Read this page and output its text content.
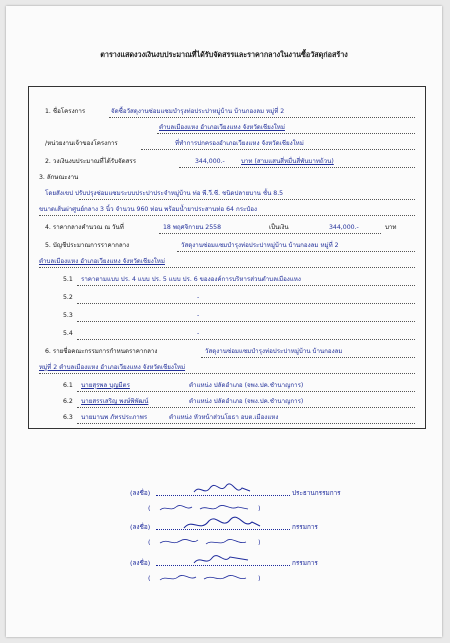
ตารางแสดงวงเงินงบประมาณที่ได้รับจัดสรรและราคากลางในงานซื้อวัสดุก่อสร้าง
1. ชื่อโครงการ	จัดซื้อวัสดุงานซ่อมแซมบำรุงท่อประปาหมู่บ้าน บ้านกองลม หมู่ที่ 2
ตำบลเมืองแหง อำเภอเวียงแหง จังหวัดเชียงใหม่
/หน่วยงานเจ้าของโครงการ	ที่ทำการปกครองอำเภอเวียงแหง จังหวัดเชียงใหม่
2. วงเงินงบประมาณที่ได้รับจัดสรร	344,000.-	บาท (สามแสนสี่หมื่นสี่พันบาทถ้วน)
3. ลักษณะงาน
โดยสังเขป ปรับปรุงซ่อมแซมระบบประปาประจำหมู่บ้าน ท่อ พี.วี.ซี. ชนิดปลายบาน ชั้น 8.5
ขนาดเส้นผ่าศูนย์กลาง 3 นิ้ว จำนวน 960 ท่อน พร้อมน้ำยาประสานท่อ 64 กระป๋อง
4. ราคากลางคำนวณ ณ วันที่	18 พฤศจิกายน 2558	เป็นเงิน	344,000.-	บาท
5. บัญชีประมาณการราคากลาง	วัสดุงานซ่อมแซมบำรุงท่อประปาหมู่บ้าน บ้านกองลม หมู่ที่ 2
ตำบลเมืองแหง อำเภอเวียงแหง จังหวัดเชียงใหม่
5.1 ราคาตามแบบ ปร. 4 แบบ ปร. 5 แบบ ปร. 6 ขององค์การบริหารส่วนตำบลเมืองแหง
5.2	-
5.3	-
5.4	-
6. รายชื่อคณะกรรมการกำหนดราคากลาง	วัสดุงานซ่อมแซมบำรุงท่อประปาหมู่บ้าน บ้านกองลม
หมู่ที่ 2 ตำบลเมืองแหง อำเภอเวียงแหง จังหวัดเชียงใหม่
6.1 นายสุรพล บุญมีตร	ตำแหน่ง ปลัดอำเภอ (จพง.ปค.ชำนาญการ)
6.2 นายสรรเสริญ พงษ์พิพัฒน์	ตำแหน่ง ปลัดอำเภอ (จพง.ปค.ชำนาญการ)
6.3 นายมานพ ภัทรประภาพร	ตำแหน่ง หัวหน้าส่วนโยธา อบต.เมืองแหง
(ลงชื่อ)	ประธานกรรมการ
(	)
(ลงชื่อ)	กรรมการ
(	)
(ลงชื่อ)	กรรมการ
(	)
